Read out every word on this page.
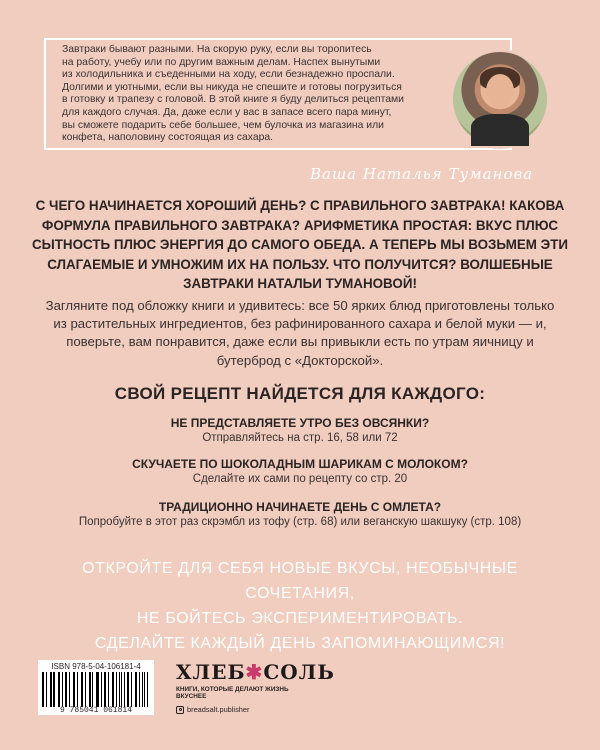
Завтраки бывают разными. На скорую руку, если вы торопитесь
на работу, учебу или по другим важным делам. Наспех вынутыми
из холодильника и съеденными на ходу, если безнадежно проспали.
Долгими и уютными, если вы никуда не спешите и готовы погрузиться
в готовку и трапезу с головой. В этой книге я буду делиться рецептами
для каждого случая. Да, даже если у вас в запасе всего пара минут,
вы сможете подарить себе большее, чем булочка из магазина или
конфета, наполовину состоящая из сахара.
Ваша Наталья Туманова
С ЧЕГО НАЧИНАЕТСЯ ХОРОШИЙ ДЕНЬ? С ПРАВИЛЬНОГО ЗАВТРАКА! КАКОВА ФОРМУЛА ПРАВИЛЬНОГО ЗАВТРАКА? АРИФМЕТИКА ПРОСТАЯ: ВКУС ПЛЮС СЫТНОСТЬ ПЛЮС ЭНЕРГИЯ ДО САМОГО ОБЕДА. А ТЕПЕРЬ МЫ ВОЗЬМЕМ ЭТИ СЛАГАЕМЫЕ И УМНОЖИМ ИХ НА ПОЛЬЗУ. ЧТО ПОЛУЧИТСЯ? ВОЛШЕБНЫЕ ЗАВТРАКИ НАТАЛЬИ ТУМАНОВОЙ!
Загляните под обложку книги и удивитесь: все 50 ярких блюд приготовлены только из растительных ингредиентов, без рафинированного сахара и белой муки — и, поверьте, вам понравится, даже если вы привыкли есть по утрам яичницу и бутерброд с «Докторской».
СВОЙ РЕЦЕПТ НАЙДЕТСЯ ДЛЯ КАЖДОГО:
НЕ ПРЕДСТАВЛЯЕТЕ УТРО БЕЗ ОВСЯНКИ?
Отправляйтесь на стр. 16, 58 или 72
СКУЧАЕТЕ ПО ШОКОЛАДНЫМ ШАРИКАМ С МОЛОКОМ?
Сделайте их сами по рецепту со стр. 20
ТРАДИЦИОННО НАЧИНАЕТЕ ДЕНЬ С ОМЛЕТА?
Попробуйте в этот раз скрэмбл из тофу (стр. 68) или веганскую шакшуку (стр. 108)
ОТКРОЙТЕ ДЛЯ СЕБЯ НОВЫЕ ВКУСЫ, НЕОБЫЧНЫЕ СОЧЕТАНИЯ,
НЕ БОЙТЕСЬ ЭКСПЕРИМЕНТИРОВАТЬ.
СДЕЛАЙТЕ КАЖДЫЙ ДЕНЬ ЗАПОМИНАЮЩИМСЯ!
ISBN 978-5-04-106181-4
9 785041 061814
ХЛЕБ✱СОЛЬ
КНИГИ, КОТОРЫЕ ДЕЛАЮТ ЖИЗНЬ ВКУСНЕЕ
breadsalt.publisher
